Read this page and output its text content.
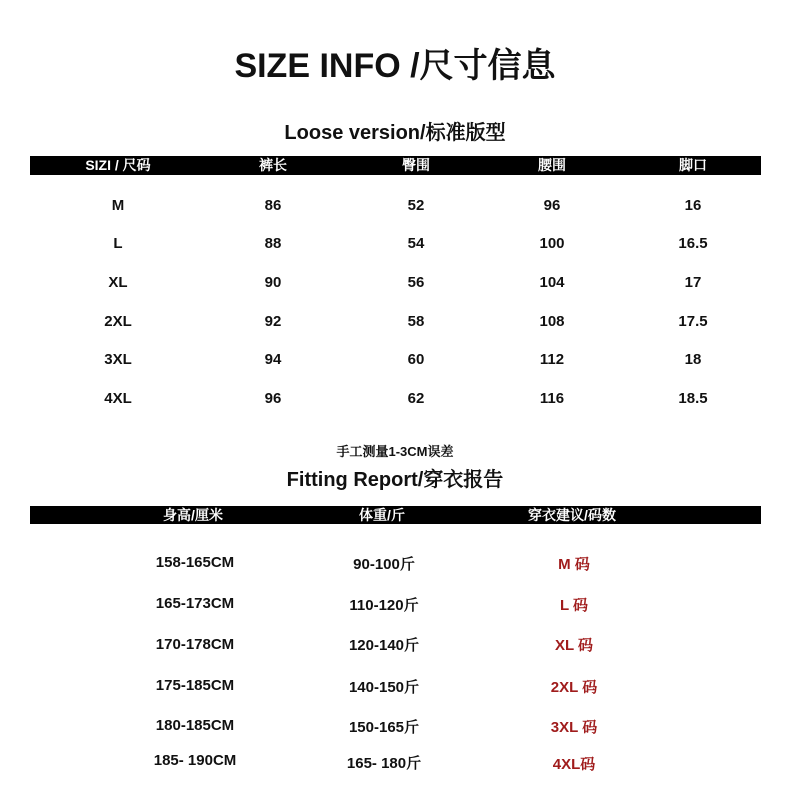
SIZE INFO /尺寸信息
Loose version/标准版型
SIZI / 尺码	裤长	臀围	腰围	脚口
M	86	52	96	16
L	88	54	100	16.5
XL	90	56	104	17
2XL	92	58	108	17.5
3XL	94	60	112	18
4XL	96	62	116	18.5
手工测量1-3CM误差
Fitting Report/穿衣报告
身高/厘米	体重/斤	穿衣建议/码数
158-165CM	90-100斤	M 码
165-173CM	110-120斤	L 码
170-178CM	120-140斤	XL 码
175-185CM	140-150斤	2XL 码
180-185CM	150-165斤	3XL 码
185- 190CM	165- 180斤	4XL码
